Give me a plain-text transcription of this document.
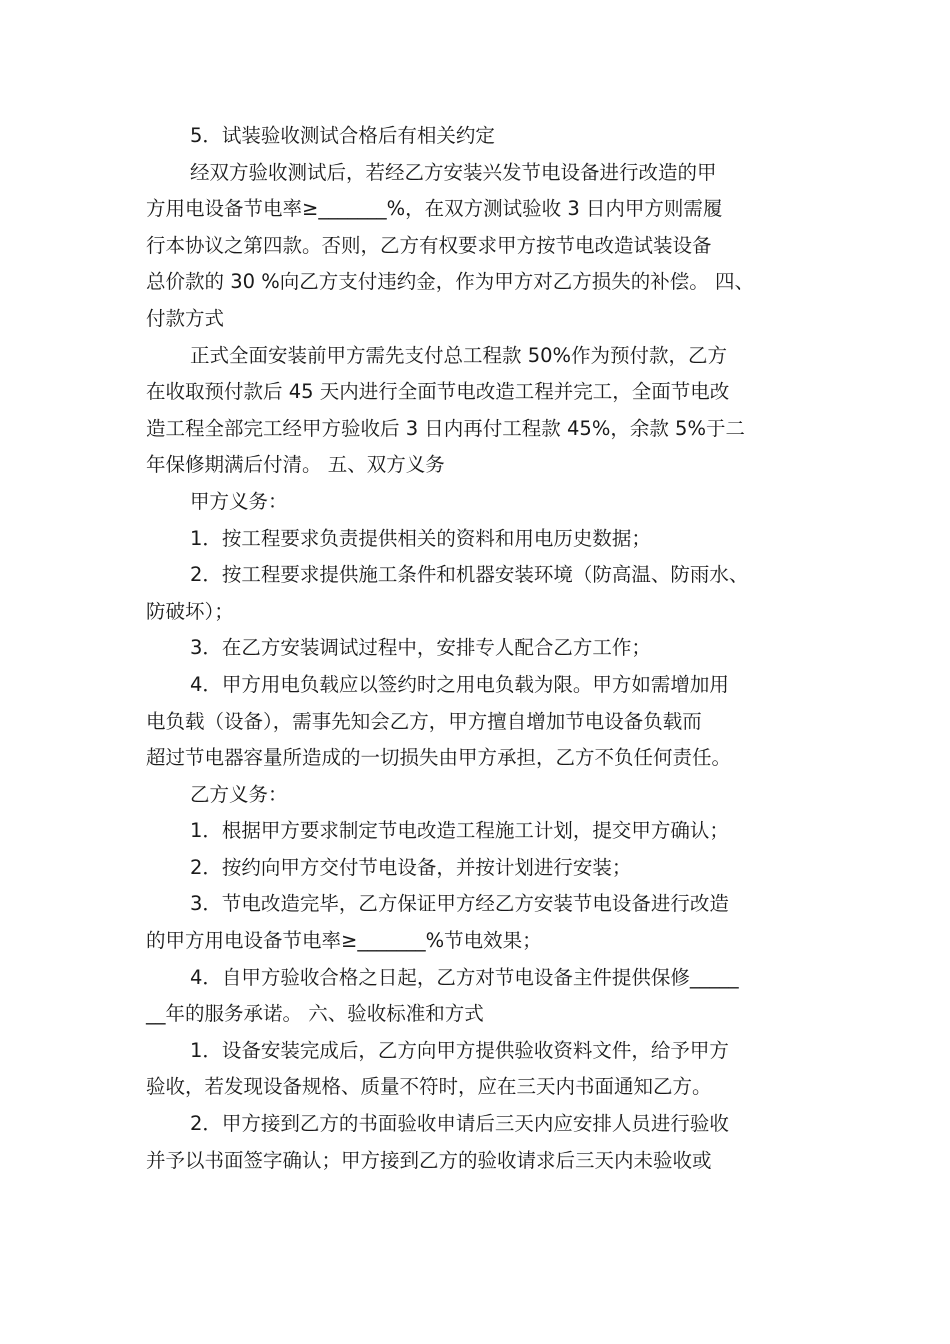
5．试装验收测试合格后有相关约定
经双方验收测试后，若经乙方安装兴发节电设备进行改造的甲
方用电设备节电率≥_______%，在双方测试验收 3 日内甲方则需履
行本协议之第四款。否则，乙方有权要求甲方按节电改造试装设备
总价款的 30 %向乙方支付违约金，作为甲方对乙方损失的补偿。 四、
付款方式
正式全面安装前甲方需先支付总工程款 50%作为预付款，乙方
在收取预付款后 45 天内进行全面节电改造工程并完工，全面节电改
造工程全部完工经甲方验收后 3 日内再付工程款 45%，余款 5%于二
年保修期满后付清。 五、双方义务
甲方义务：
1．按工程要求负责提供相关的资料和用电历史数据；
2．按工程要求提供施工条件和机器安装环境（防高温、防雨水、
防破坏）；
3．在乙方安装调试过程中，安排专人配合乙方工作；
4．甲方用电负载应以签约时之用电负载为限。甲方如需增加用
电负载（设备），需事先知会乙方，甲方擅自增加节电设备负载而
超过节电器容量所造成的一切损失由甲方承担，乙方不负任何责任。
乙方义务：
1．根据甲方要求制定节电改造工程施工计划，提交甲方确认；
2．按约向甲方交付节电设备，并按计划进行安装；
3．节电改造完毕，乙方保证甲方经乙方安装节电设备进行改造
的甲方用电设备节电率≥_______%节电效果；
4．自甲方验收合格之日起，乙方对节电设备主件提供保修_____
__年的服务承诺。 六、验收标准和方式
1．设备安装完成后，乙方向甲方提供验收资料文件，给予甲方
验收，若发现设备规格、质量不符时，应在三天内书面通知乙方。
2．甲方接到乙方的书面验收申请后三天内应安排人员进行验收
并予以书面签字确认；甲方接到乙方的验收请求后三天内未验收或
